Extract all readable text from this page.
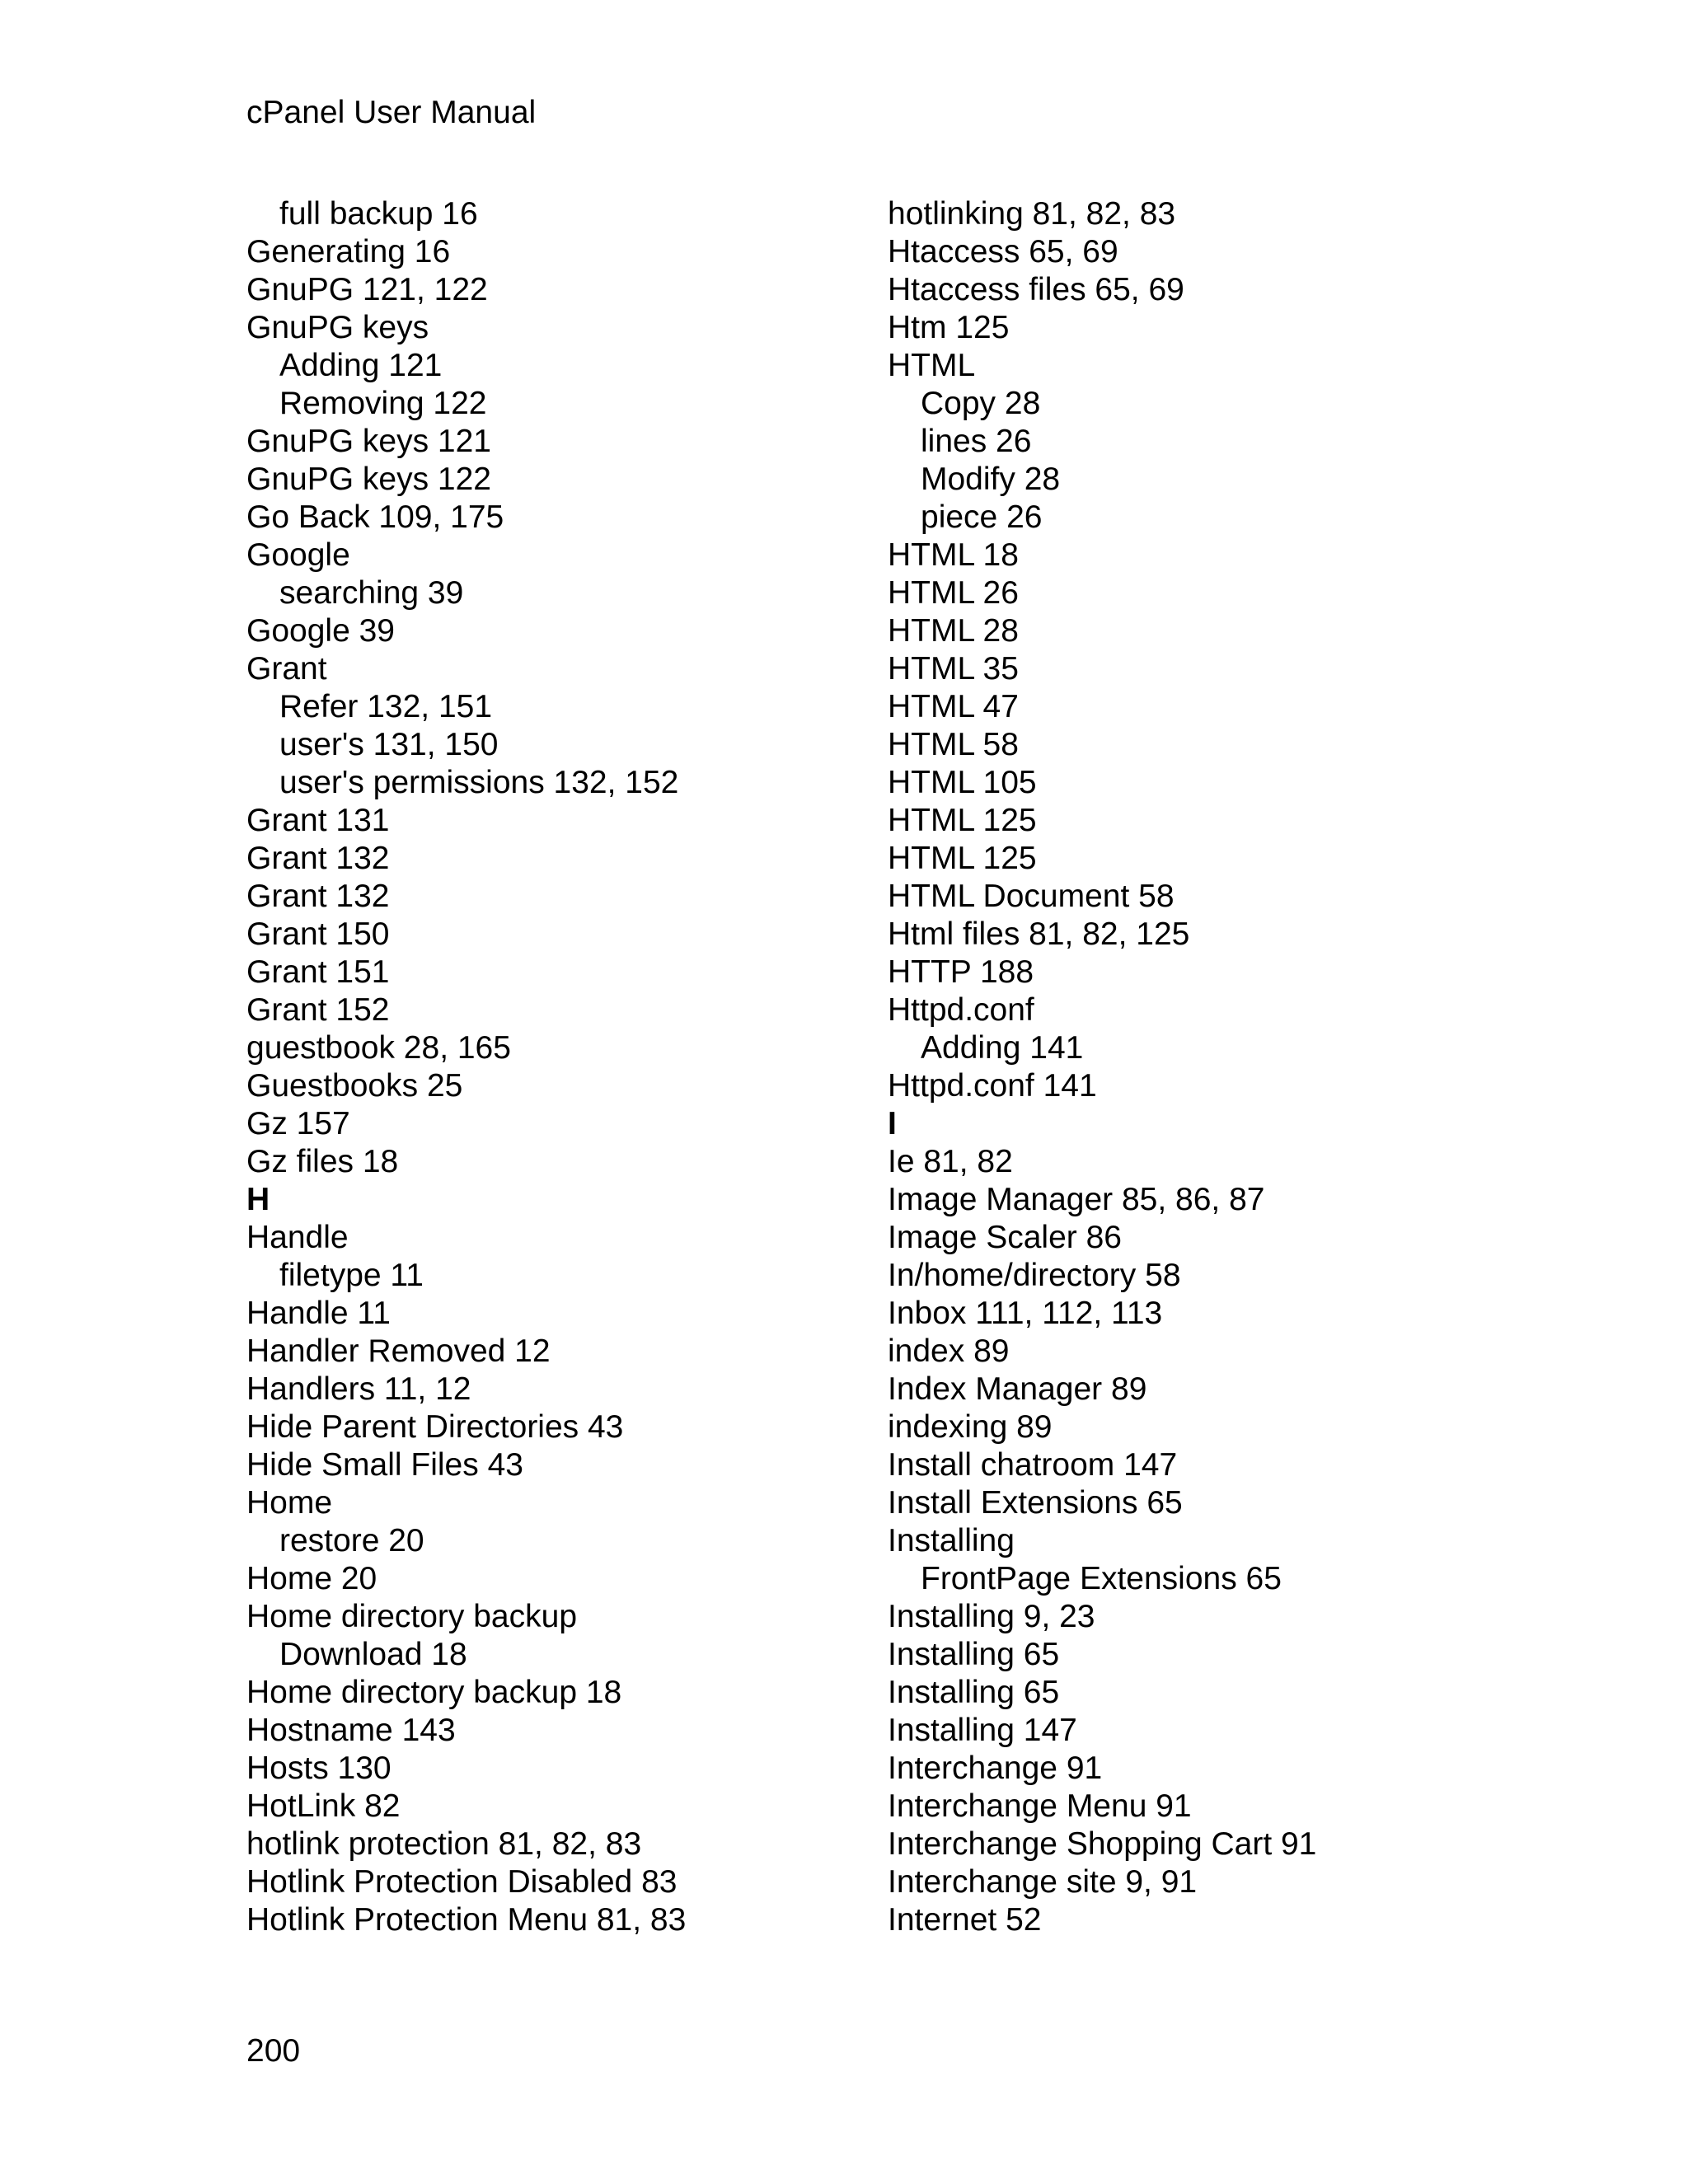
cPanel User Manual
full backup 16
Generating 16
GnuPG 121, 122
GnuPG keys
Adding 121
Removing 122
GnuPG keys 121
GnuPG keys 122
Go Back 109, 175
Google
searching 39
Google 39
Grant
Refer 132, 151
user's 131, 150
user's permissions 132, 152
Grant 131
Grant 132
Grant 132
Grant 150
Grant 151
Grant 152
guestbook 28, 165
Guestbooks 25
Gz 157
Gz files 18
H
Handle
filetype 11
Handle 11
Handler Removed 12
Handlers 11, 12
Hide Parent Directories 43
Hide Small Files 43
Home
restore 20
Home 20
Home directory backup
Download 18
Home directory backup 18
Hostname 143
Hosts 130
HotLink 82
hotlink protection 81, 82, 83
Hotlink Protection Disabled 83
Hotlink Protection Menu 81, 83
hotlinking 81, 82, 83
Htaccess 65, 69
Htaccess files 65, 69
Htm 125
HTML
Copy 28
lines 26
Modify 28
piece 26
HTML 18
HTML 26
HTML 28
HTML 35
HTML 47
HTML 58
HTML 105
HTML 125
HTML 125
HTML Document 58
Html files 81, 82, 125
HTTP 188
Httpd.conf
Adding 141
Httpd.conf 141
I
Ie 81, 82
Image Manager 85, 86, 87
Image Scaler 86
In/home/directory 58
Inbox 111, 112, 113
index 89
Index Manager 89
indexing 89
Install chatroom 147
Install Extensions 65
Installing
FrontPage Extensions 65
Installing 9, 23
Installing 65
Installing 65
Installing 147
Interchange 91
Interchange Menu 91
Interchange Shopping Cart 91
Interchange site 9, 91
Internet 52
200
